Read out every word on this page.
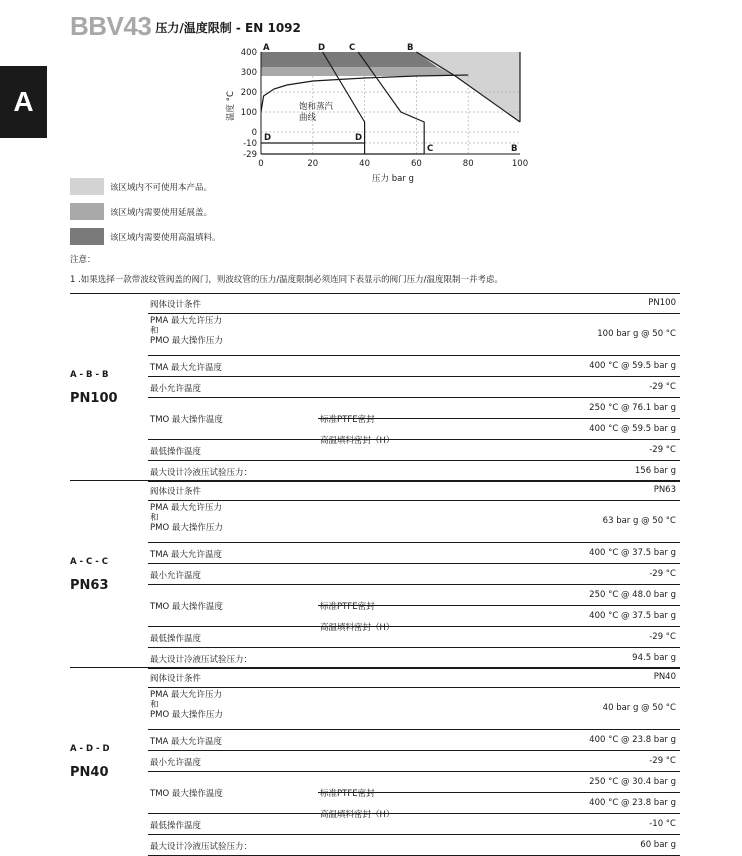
A
BBV43 $^{压力/温度限制 - EN 1092}$
400
300
200
100
0
-10
-29
0	20	40	60	80	100
温度 °C
压力 bar g
饱和蒸汽
曲线
A	D	C	B
D	D
C	B
该区域内不可使用本产品。
该区域内需要使用延展盖。
该区域内需要使用高温填料。
注意：
1 .如果选择一款带波纹管阀盖的阀门，则波纹管的压力/温度限制必须连同下表显示的阀门压力/温度限制一并考虑。
A - B - B
PN100
阀体设计条件	PN100
PMA 最大允许压力
和
PMO 最大操作压力
100 bar g @ 50 °C
TMA 最大允许温度	400 °C @ 59.5 bar g
最小允许温度	-29 °C
TMO 最大操作温度	标准PTFE密封
250 °C @ 76.1 bar g
高温填料密封（H）
400 °C @ 59.5 bar g
最低操作温度	-29 °C
最大设计冷液压试验压力：	156 bar g
A - C - C
PN63
阀体设计条件	PN63
PMA 最大允许压力
和
PMO 最大操作压力
63 bar g @ 50 °C
TMA 最大允许温度	400 °C @ 37.5 bar g
最小允许温度	-29 °C
TMO 最大操作温度	标准PTFE密封
250 °C @ 48.0 bar g
高温填料密封（H）
400 °C @ 37.5 bar g
最低操作温度	-29 °C
最大设计冷液压试验压力：	94.5 bar g
A - D - D
PN40
阀体设计条件	PN40
PMA 最大允许压力
和
PMO 最大操作压力
40 bar g @ 50 °C
TMA 最大允许温度	400 °C @ 23.8 bar g
最小允许温度	-29 °C
TMO 最大操作温度	标准PTFE密封
250 °C @ 30.4 bar g
高温填料密封（H）
400 °C @ 23.8 bar g
最低操作温度	-10 °C
最大设计冷液压试验压力：	60 bar g
